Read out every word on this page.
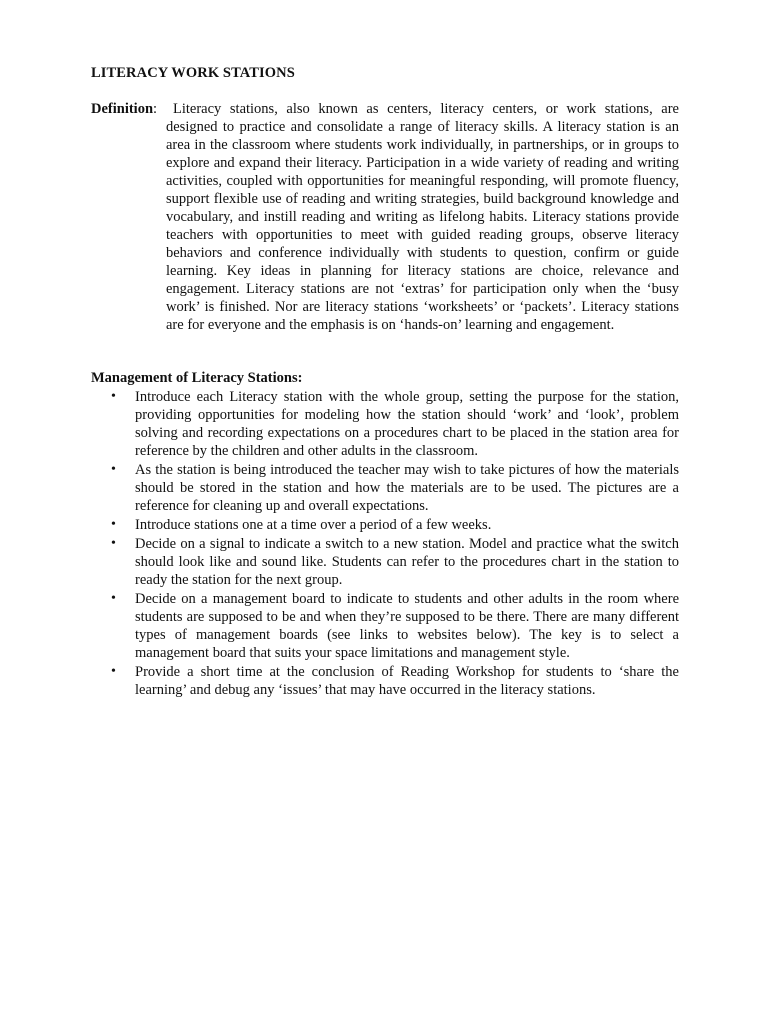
LITERACY WORK STATIONS
Definition:	Literacy stations, also known as centers, literacy centers, or work stations, are designed to practice and consolidate a range of literacy skills. A literacy station is an area in the classroom where students work individually, in partnerships, or in groups to explore and expand their literacy. Participation in a wide variety of reading and writing activities, coupled with opportunities for meaningful responding, will promote fluency, support flexible use of reading and writing strategies, build background knowledge and vocabulary, and instill reading and writing as lifelong habits. Literacy stations provide teachers with opportunities to meet with guided reading groups, observe literacy behaviors and conference individually with students to question, confirm or guide learning. Key ideas in planning for literacy stations are choice, relevance and engagement. Literacy stations are not ‘extras’ for participation only when the ‘busy work’ is finished. Nor are literacy stations ‘worksheets’ or ‘packets’. Literacy stations are for everyone and the emphasis is on ‘hands-on’ learning and engagement.
Management of Literacy Stations:
• Introduce each Literacy station with the whole group, setting the purpose for the station, providing opportunities for modeling how the station should ‘work’ and ‘look’, problem solving and recording expectations on a procedures chart to be placed in the station area for reference by the children and other adults in the classroom.
• As the station is being introduced the teacher may wish to take pictures of how the materials should be stored in the station and how the materials are to be used. The pictures are a reference for cleaning up and overall expectations.
• Introduce stations one at a time over a period of a few weeks.
• Decide on a signal to indicate a switch to a new station. Model and practice what the switch should look like and sound like. Students can refer to the procedures chart in the station to ready the station for the next group.
• Decide on a management board to indicate to students and other adults in the room where students are supposed to be and when they’re supposed to be there. There are many different types of management boards (see links to websites below). The key is to select a management board that suits your space limitations and management style.
• Provide a short time at the conclusion of Reading Workshop for students to ‘share the learning’ and debug any ‘issues’ that may have occurred in the literacy stations.
